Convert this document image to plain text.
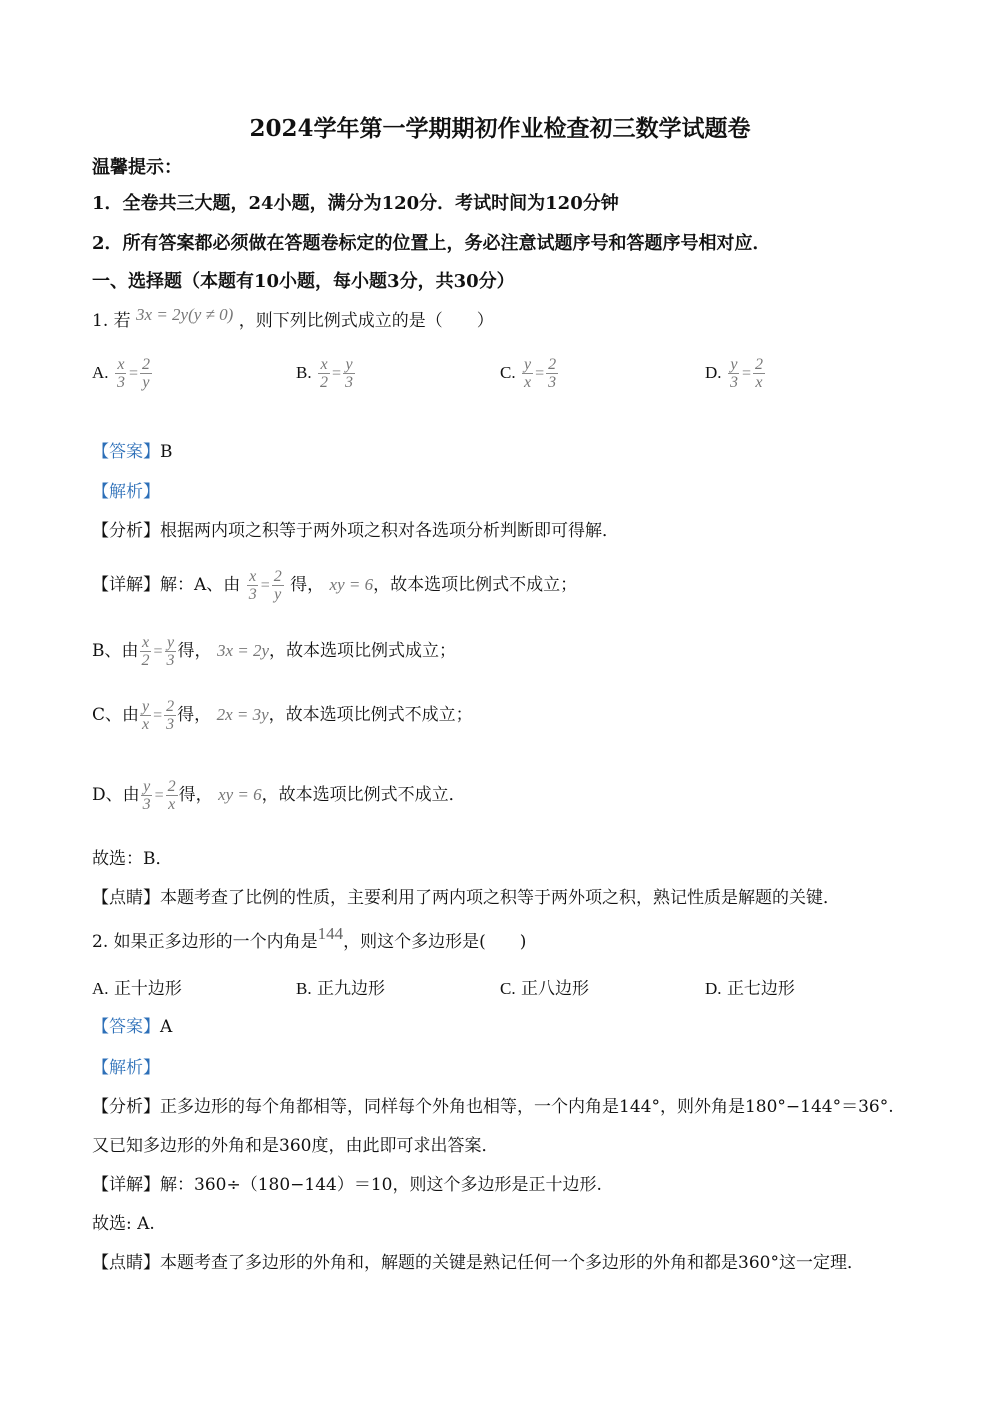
2024学年第一学期期初作业检查初三数学试题卷
温馨提示：
1．全卷共三大题，24小题，满分为120分．考试时间为120分钟
2．所有答案都必须做在答题卷标定的位置上，务必注意试题序号和答题序号相对应．
一、选择题（本题有10小题，每小题3分，共30分）
1. 若 3x = 2y(y ≠ 0) ，则下列比例式成立的是（　　）
A. $\frac{x}{3} = \frac{2}{y}$	B. $\frac{x}{2} = \frac{y}{3}$	C. $\frac{y}{x} = \frac{2}{3}$	D. $\frac{y}{3} = \frac{2}{x}$
【答案】B
【解析】
【分析】根据两内项之积等于两外项之积对各选项分析判断即可得解．
【详解】解：A、由 $\frac{x}{3} = \frac{2}{y}$ 得， xy = 6，故本选项比例式不成立；
B、由 $\frac{x}{2} = \frac{y}{3}$ 得， 3x = 2y，故本选项比例式成立；
C、由 $\frac{y}{x} = \frac{2}{3}$ 得， 2x = 3y，故本选项比例式不成立；
D、由 $\frac{y}{3} = \frac{2}{x}$ 得， xy = 6，故本选项比例式不成立．
故选：B．
【点睛】本题考查了比例的性质，主要利用了两内项之积等于两外项之积，熟记性质是解题的关键．
2. 如果正多边形的一个内角是144，则这个多边形是(　　)
A. 正十边形	B. 正九边形	C. 正八边形	D. 正七边形
【答案】A
【解析】
【分析】正多边形的每个角都相等，同样每个外角也相等，一个内角是144°，则外角是180°−144°＝36°.
又已知多边形的外角和是360度，由此即可求出答案．
【详解】解：360÷（180−144）＝10，则这个多边形是正十边形.
故选: A.
【点睛】本题考查了多边形的外角和，解题的关键是熟记任何一个多边形的外角和都是360°这一定理．
